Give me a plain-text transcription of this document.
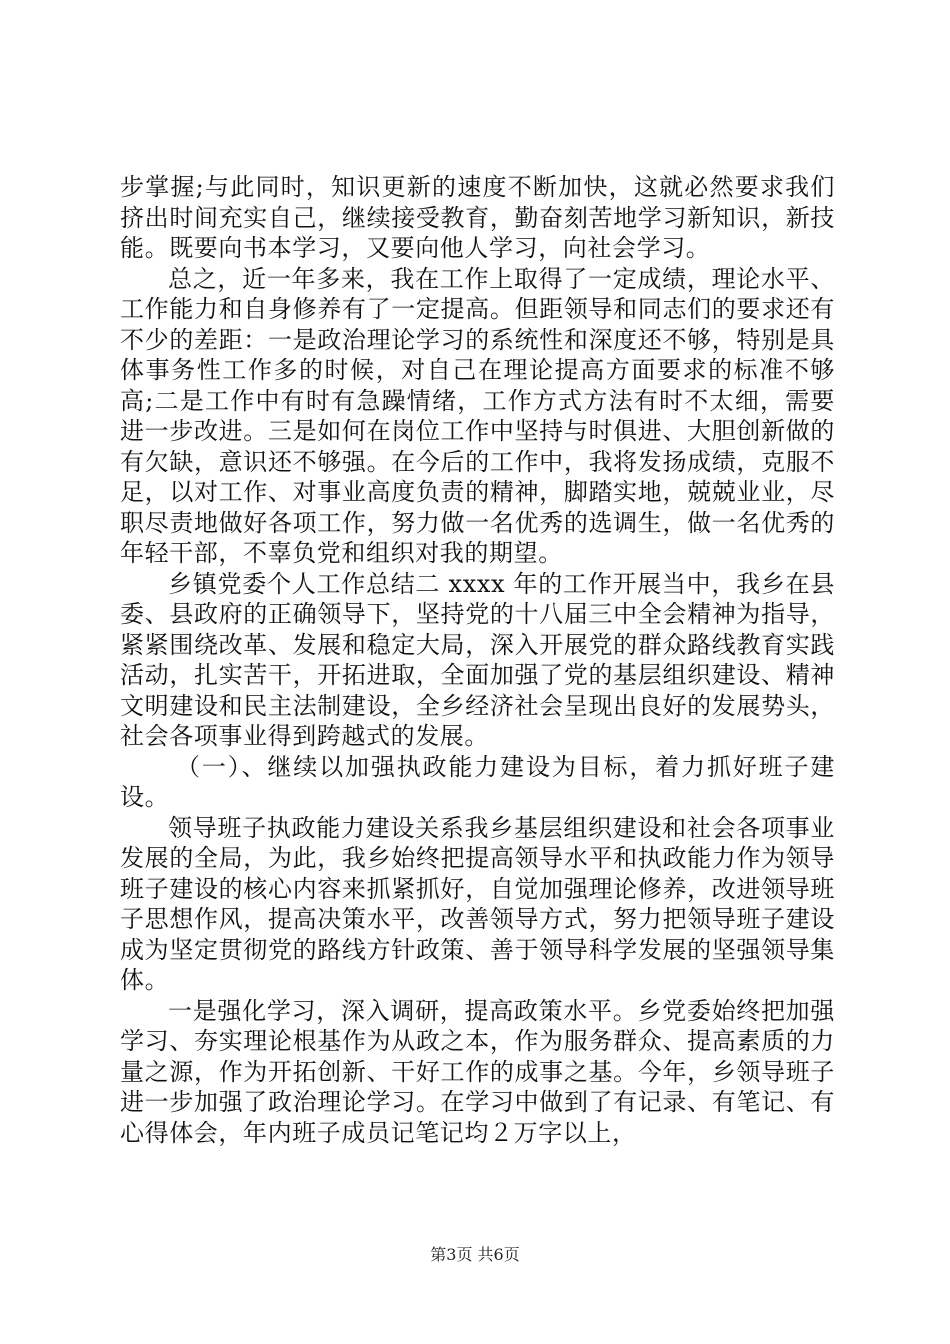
步掌握;与此同时，知识更新的速度不断加快，这就必然要求我们挤出时间充实自己，继续接受教育，勤奋刻苦地学习新知识，新技能。既要向书本学习，又要向他人学习，向社会学习。

总之，近一年多来，我在工作上取得了一定成绩，理论水平、工作能力和自身修养有了一定提高。但距领导和同志们的要求还有不少的差距：一是政治理论学习的系统性和深度还不够，特别是具体事务性工作多的时候，对自己在理论提高方面要求的标准不够高;二是工作中有时有急躁情绪，工作方式方法有时不太细，需要进一步改进。三是如何在岗位工作中坚持与时俱进、大胆创新做的有欠缺，意识还不够强。在今后的工作中，我将发扬成绩，克服不足，以对工作、对事业高度负责的精神，脚踏实地，兢兢业业，尽职尽责地做好各项工作，努力做一名优秀的选调生，做一名优秀的年轻干部，不辜负党和组织对我的期望。

乡镇党委个人工作总结二 xxxx 年的工作开展当中，我乡在县委、县政府的正确领导下，坚持党的十八届三中全会精神为指导，紧紧围绕改革、发展和稳定大局，深入开展党的群众路线教育实践活动，扎实苦干，开拓进取，全面加强了党的基层组织建设、精神文明建设和民主法制建设，全乡经济社会呈现出良好的发展势头，社会各项事业得到跨越式的发展。

（一）、继续以加强执政能力建设为目标，着力抓好班子建设。

领导班子执政能力建设关系我乡基层组织建设和社会各项事业发展的全局，为此，我乡始终把提高领导水平和执政能力作为领导班子建设的核心内容来抓紧抓好，自觉加强理论修养，改进领导班子思想作风，提高决策水平，改善领导方式，努力把领导班子建设成为坚定贯彻党的路线方针政策、善于领导科学发展的坚强领导集体。

一是强化学习，深入调研，提高政策水平。乡党委始终把加强学习、夯实理论根基作为从政之本，作为服务群众、提高素质的力量之源，作为开拓创新、干好工作的成事之基。今年，乡领导班子进一步加强了政治理论学习。在学习中做到了有记录、有笔记、有心得体会，年内班子成员记笔记均２万字以上，

第3页 共6页
